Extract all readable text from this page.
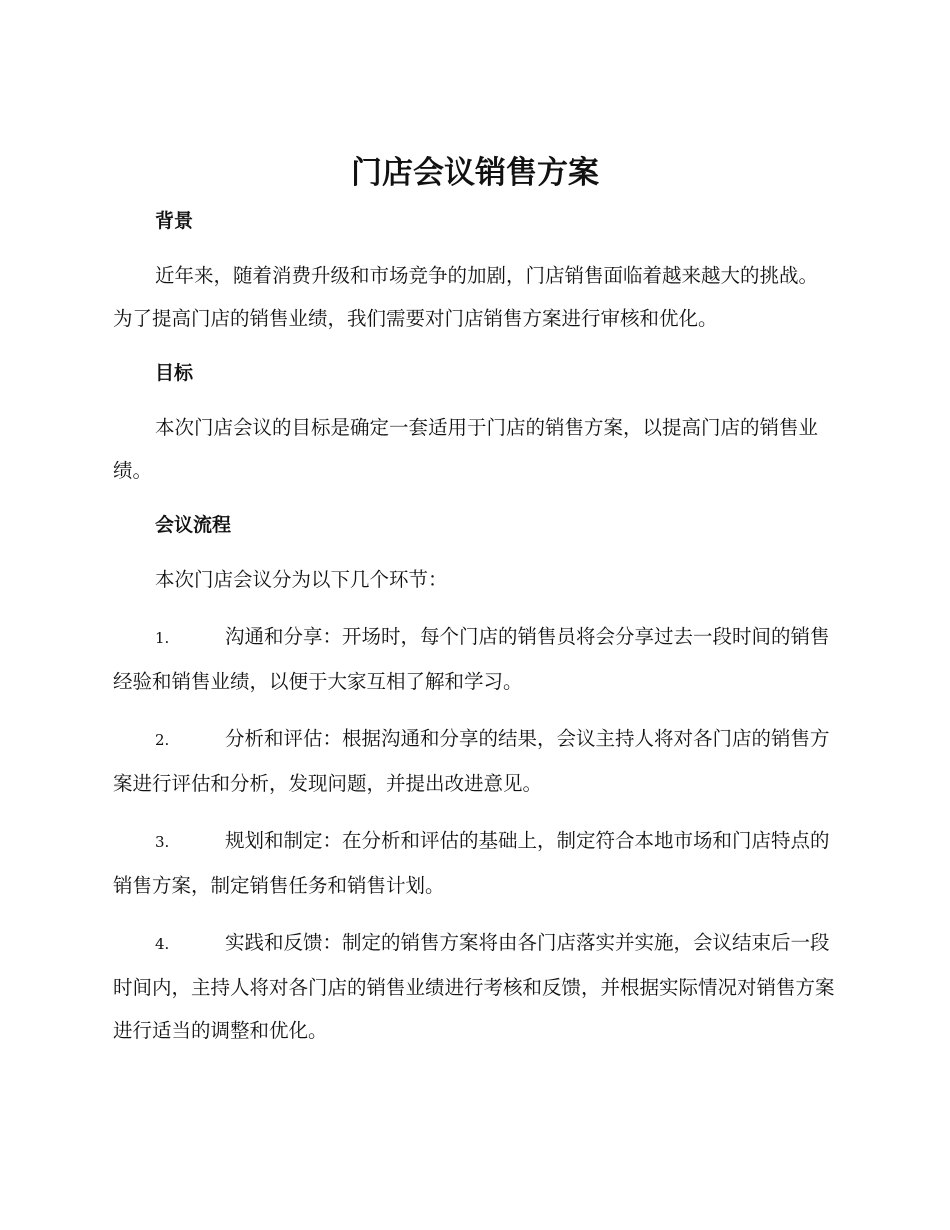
门店会议销售方案
背景

近年来，随着消费升级和市场竞争的加剧，门店销售面临着越来越大的挑战。为了提高门店的销售业绩，我们需要对门店销售方案进行审核和优化。

目标

本次门店会议的目标是确定一套适用于门店的销售方案，以提高门店的销售业绩。

会议流程

本次门店会议分为以下几个环节：

1.	沟通和分享：开场时，每个门店的销售员将会分享过去一段时间的销售经验和销售业绩，以便于大家互相了解和学习。

2.	分析和评估：根据沟通和分享的结果，会议主持人将对各门店的销售方案进行评估和分析，发现问题，并提出改进意见。

3.	规划和制定：在分析和评估的基础上，制定符合本地市场和门店特点的销售方案，制定销售任务和销售计划。

4.	实践和反馈：制定的销售方案将由各门店落实并实施，会议结束后一段时间内，主持人将对各门店的销售业绩进行考核和反馈，并根据实际情况对销售方案进行适当的调整和优化。
